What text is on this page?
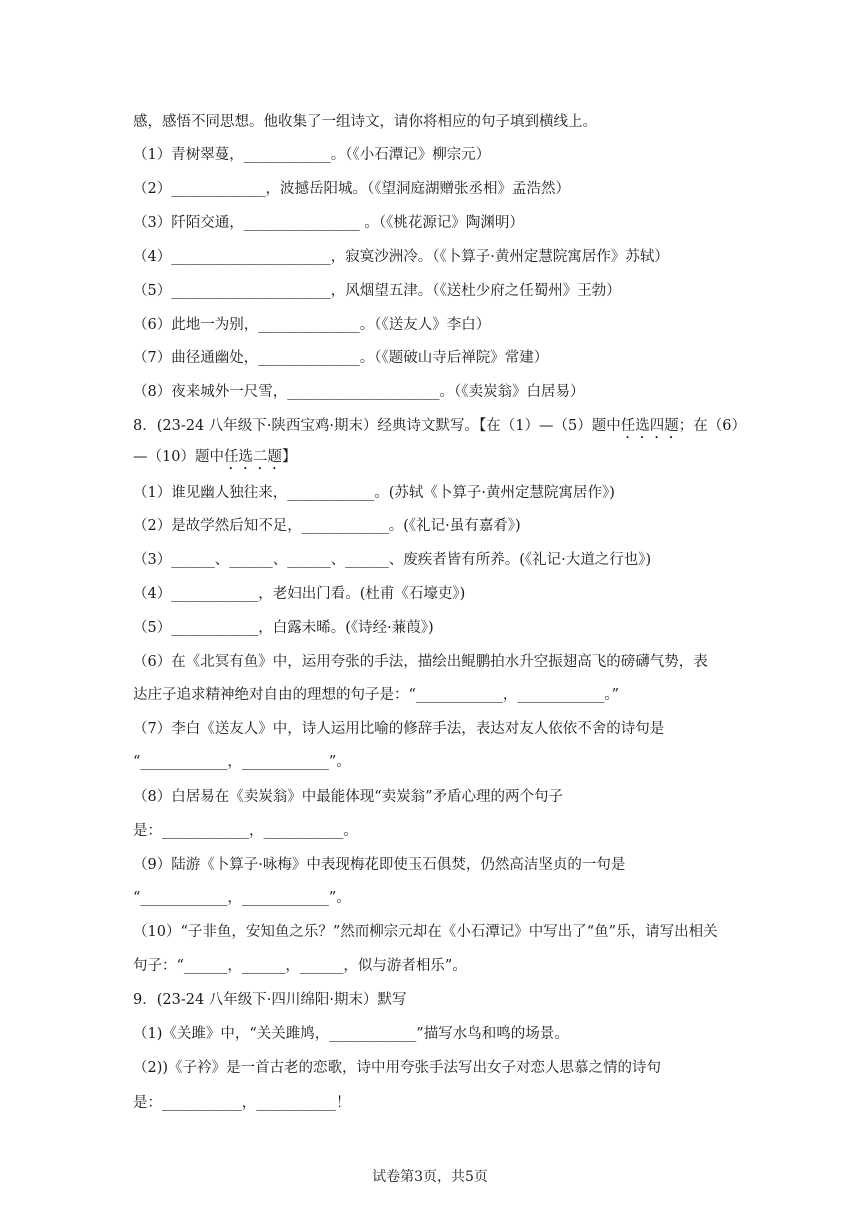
感，感悟不同思想。他收集了一组诗文，请你将相应的句子填到横线上。
（1）青树翠蔓，____________。（《小石潭记》柳宗元）
（2）_____________，波撼岳阳城。（《望洞庭湖赠张丞相》孟浩然）
（3）阡陌交通，________________ 。（《桃花源记》陶渊明）
（4）______________________，寂寞沙洲冷。（《卜算子·黄州定慧院寓居作》苏轼）
（5）______________________，风烟望五津。（《送杜少府之任蜀州》王勃）
（6）此地一为别，______________。（《送友人》李白）
（7）曲径通幽处，______________。（《题破山寺后禅院》常建）
（8）夜来城外一尺雪，_____________________。（《卖炭翁》白居易）
8．(23-24 八年级下·陕西宝鸡·期末）经典诗文默写。【在（1）—（5）题中任选四题；在（6）
—（10）题中任选二题】
（1）谁见幽人独往来，____________。(苏轼《卜算子·黄州定慧院寓居作》)
（2）是故学然后知不足，____________。(《礼记·虽有嘉肴》)
（3）______、______、______、______、废疾者皆有所养。(《礼记·大道之行也》)
（4）____________，老妇出门看。(杜甫《石壕吏》)
（5）____________，白露未晞。(《诗经·蒹葭》)
（6）在《北冥有鱼》中，运用夸张的手法，描绘出鲲鹏拍水升空振翅高飞的磅礴气势，表
达庄子追求精神绝对自由的理想的句子是：“____________，____________。”
（7）李白《送友人》中，诗人运用比喻的修辞手法，表达对友人依依不舍的诗句是
“____________，____________”。
（8）白居易在《卖炭翁》中最能体现“卖炭翁”矛盾心理的两个句子
是：____________，___________。
（9）陆游《卜算子·咏梅》中表现梅花即使玉石俱焚，仍然高洁坚贞的一句是
“____________，____________”。
（10）“子非鱼，安知鱼之乐？”然而柳宗元却在《小石潭记》中写出了“鱼”乐，请写出相关
句子：“______，______，______，似与游者相乐”。
9．(23-24 八年级下·四川绵阳·期末）默写
（1)《关雎》中，“关关雎鸠，____________”描写水鸟和鸣的场景。
（2))《子衿》是一首古老的恋歌，诗中用夸张手法写出女子对恋人思慕之情的诗句
是：___________，___________！
试卷第3页，共5页
